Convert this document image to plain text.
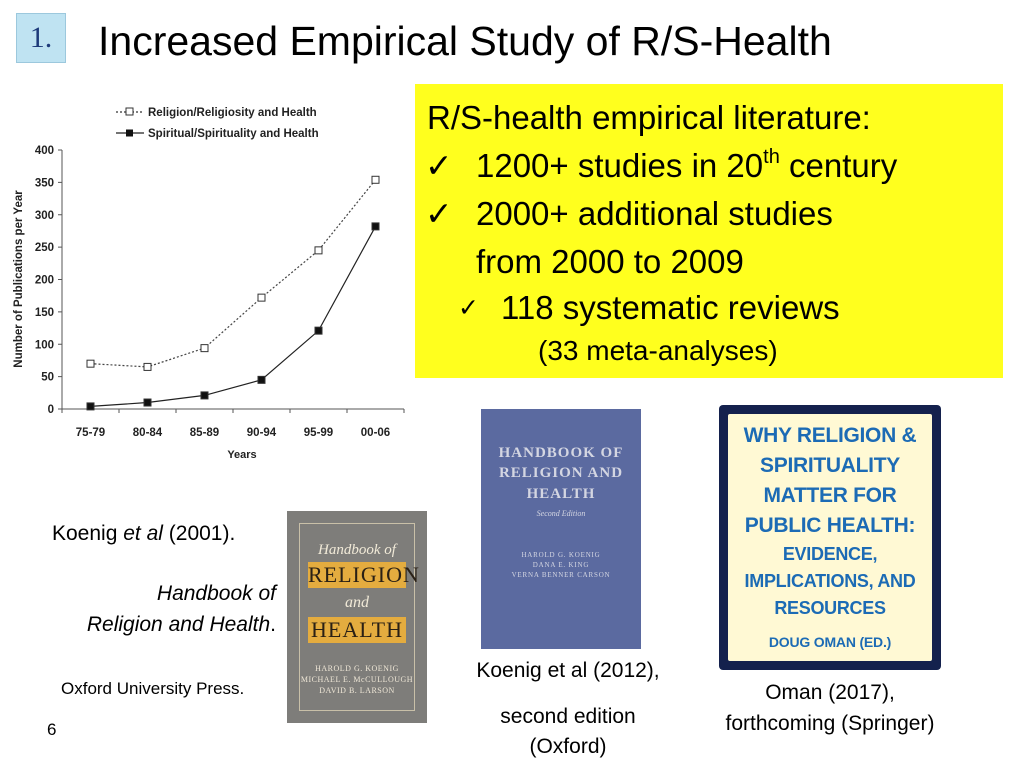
1. Increased Empirical Study of R/S-Health
Religion/Religiosity and Health
Spiritual/Spirituality and Health
Number of Publications per Year
Years
0
50
100
150
200
250
300
350
400
75-79 80-84 85-89 90-94 95-99 00-06
R/S-health empirical literature:
✓ 1200+ studies in 20th century
✓ 2000+ additional studies
from 2000 to 2009
✓ 118 systematic reviews
(33 meta-analyses)
Handbook of
RELIGION
and
HEALTH
HAROLD G. KOENIG
MICHAEL E. McCULLOUGH
DAVID B. LARSON
Koenig et al (2001).
Handbook of
Religion and Health.
Oxford University Press.
HANDBOOK OF
RELIGION AND
HEALTH
Second Edition
HAROLD G. KOENIG
DANA E. KING
VERNA BENNER CARSON
Koenig et al (2012),
second edition
(Oxford)
WHY RELIGION &
SPIRITUALITY
MATTER FOR
PUBLIC HEALTH:
EVIDENCE,
IMPLICATIONS, AND
RESOURCES
DOUG OMAN (ED.)
Oman (2017),
forthcoming (Springer)
6
